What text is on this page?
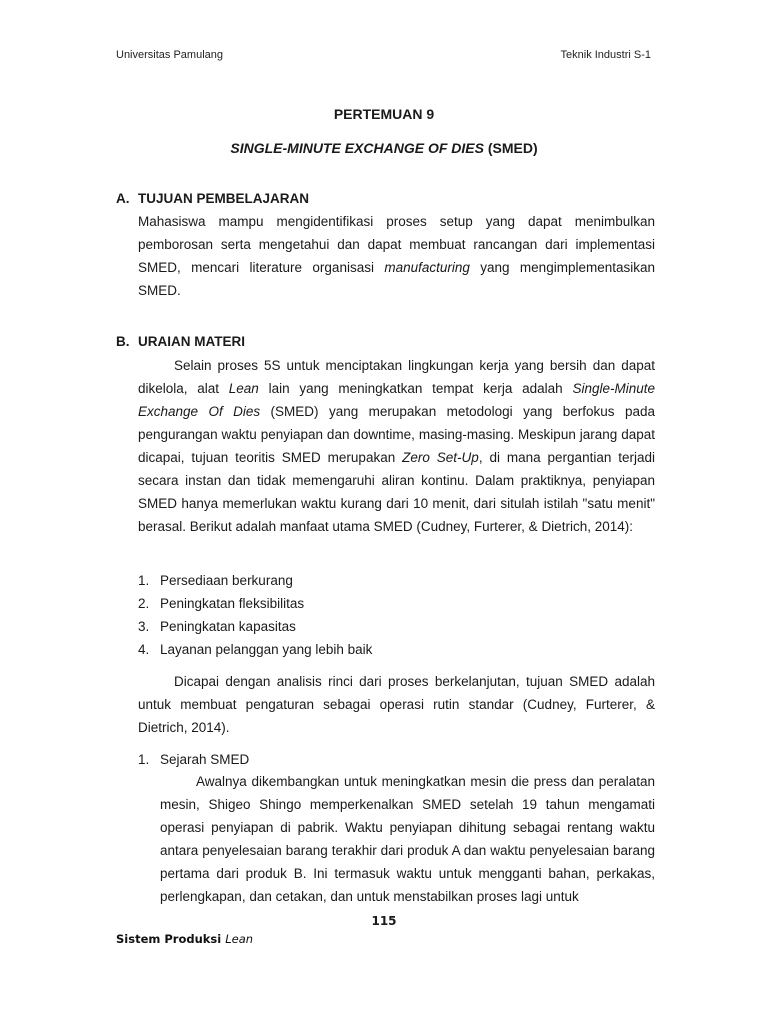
Universitas Pamulang	Teknik Industri S-1
PERTEMUAN 9
SINGLE-MINUTE EXCHANGE OF DIES (SMED)
A. TUJUAN PEMBELAJARAN
Mahasiswa mampu mengidentifikasi proses setup yang dapat menimbulkan pemborosan serta mengetahui dan dapat membuat rancangan dari implementasi SMED, mencari literature organisasi manufacturing yang mengimplementasikan SMED.
B. URAIAN MATERI
Selain proses 5S untuk menciptakan lingkungan kerja yang bersih dan dapat dikelola, alat Lean lain yang meningkatkan tempat kerja adalah Single-Minute Exchange Of Dies (SMED) yang merupakan metodologi yang berfokus pada pengurangan waktu penyiapan dan downtime, masing-masing. Meskipun jarang dapat dicapai, tujuan teoritis SMED merupakan Zero Set-Up, di mana pergantian terjadi secara instan dan tidak memengaruhi aliran kontinu. Dalam praktiknya, penyiapan SMED hanya memerlukan waktu kurang dari 10 menit, dari situlah istilah "satu menit" berasal. Berikut adalah manfaat utama SMED (Cudney, Furterer, & Dietrich, 2014):
1. Persediaan berkurang
2. Peningkatan fleksibilitas
3. Peningkatan kapasitas
4. Layanan pelanggan yang lebih baik
Dicapai dengan analisis rinci dari proses berkelanjutan, tujuan SMED adalah untuk membuat pengaturan sebagai operasi rutin standar (Cudney, Furterer, & Dietrich, 2014).
1. Sejarah SMED
Awalnya dikembangkan untuk meningkatkan mesin die press dan peralatan mesin, Shigeo Shingo memperkenalkan SMED setelah 19 tahun mengamati operasi penyiapan di pabrik. Waktu penyiapan dihitung sebagai rentang waktu antara penyelesaian barang terakhir dari produk A dan waktu penyelesaian barang pertama dari produk B. Ini termasuk waktu untuk mengganti bahan, perkakas, perlengkapan, dan cetakan, dan untuk menstabilkan proses lagi untuk
115
Sistem Produksi Lean
